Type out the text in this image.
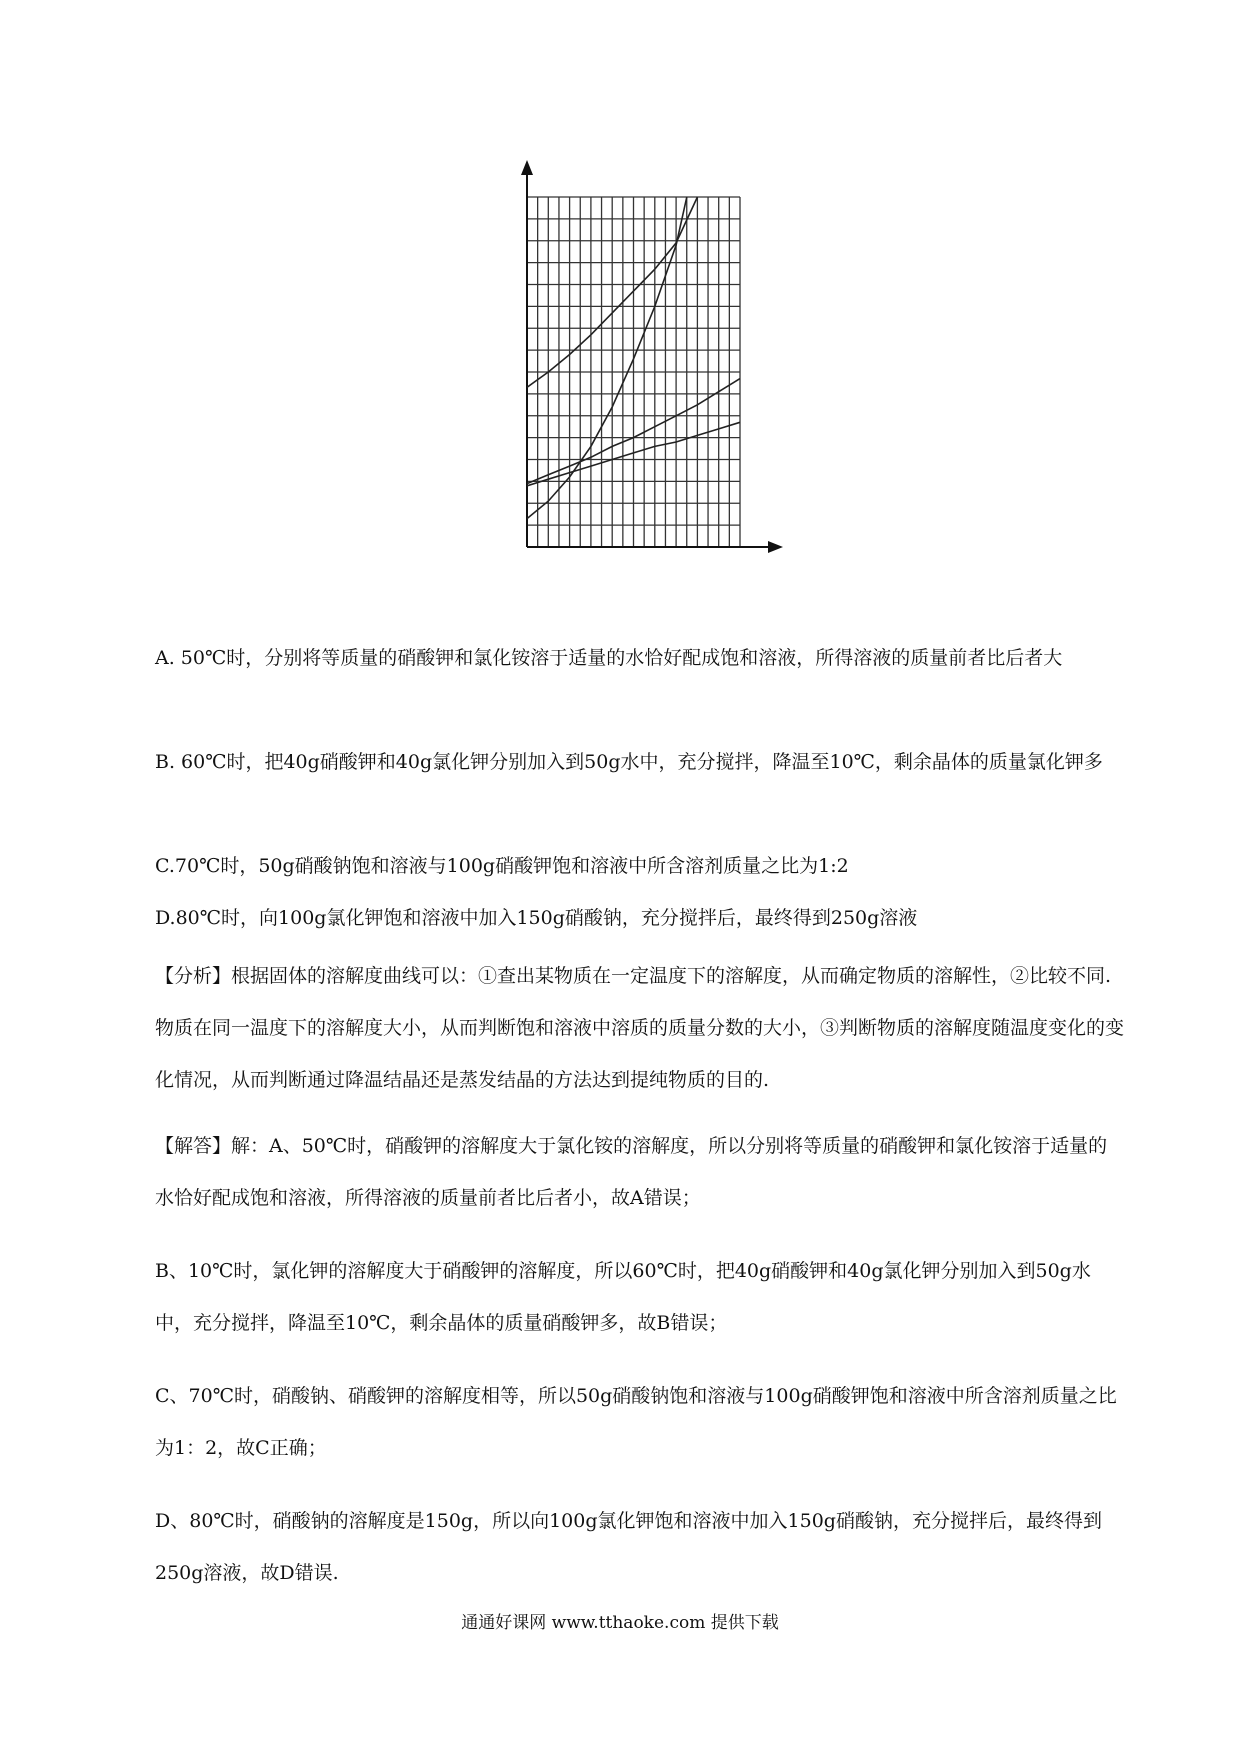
A. 50℃时，分别将等质量的硝酸钾和氯化铵溶于适量的水恰好配成饱和溶液，所得溶液的质量前者比后者大

B. 60℃时，把40g硝酸钾和40g氯化钾分别加入到50g水中，充分搅拌，降温至10℃，剩余晶体的质量氯化钾多

C.70℃时，50g硝酸钠饱和溶液与100g硝酸钾饱和溶液中所含溶剂质量之比为1:2

D.80℃时，向100g氯化钾饱和溶液中加入150g硝酸钠，充分搅拌后，最终得到250g溶液

【分析】根据固体的溶解度曲线可以：①查出某物质在一定温度下的溶解度，从而确定物质的溶解性，②比较不同.物质在同一温度下的溶解度大小，从而判断饱和溶液中溶质的质量分数的大小，③判断物质的溶解度随温度变化的变化情况，从而判断通过降温结晶还是蒸发结晶的方法达到提纯物质的目的.

【解答】解：A、50℃时，硝酸钾的溶解度大于氯化铵的溶解度，所以分别将等质量的硝酸钾和氯化铵溶于适量的水恰好配成饱和溶液，所得溶液的质量前者比后者小，故A错误；

B、10℃时，氯化钾的溶解度大于硝酸钾的溶解度，所以60℃时，把40g硝酸钾和40g氯化钾分别加入到50g水中，充分搅拌，降温至10℃，剩余晶体的质量硝酸钾多，故B错误；

C、70℃时，硝酸钠、硝酸钾的溶解度相等，所以50g硝酸钠饱和溶液与100g硝酸钾饱和溶液中所含溶剂质量之比为1：2，故C正确；

D、80℃时，硝酸钠的溶解度是150g，所以向100g氯化钾饱和溶液中加入150g硝酸钠，充分搅拌后，最终得到250g溶液，故D错误.

通通好课网 www.tthaoke.com 提供下载
